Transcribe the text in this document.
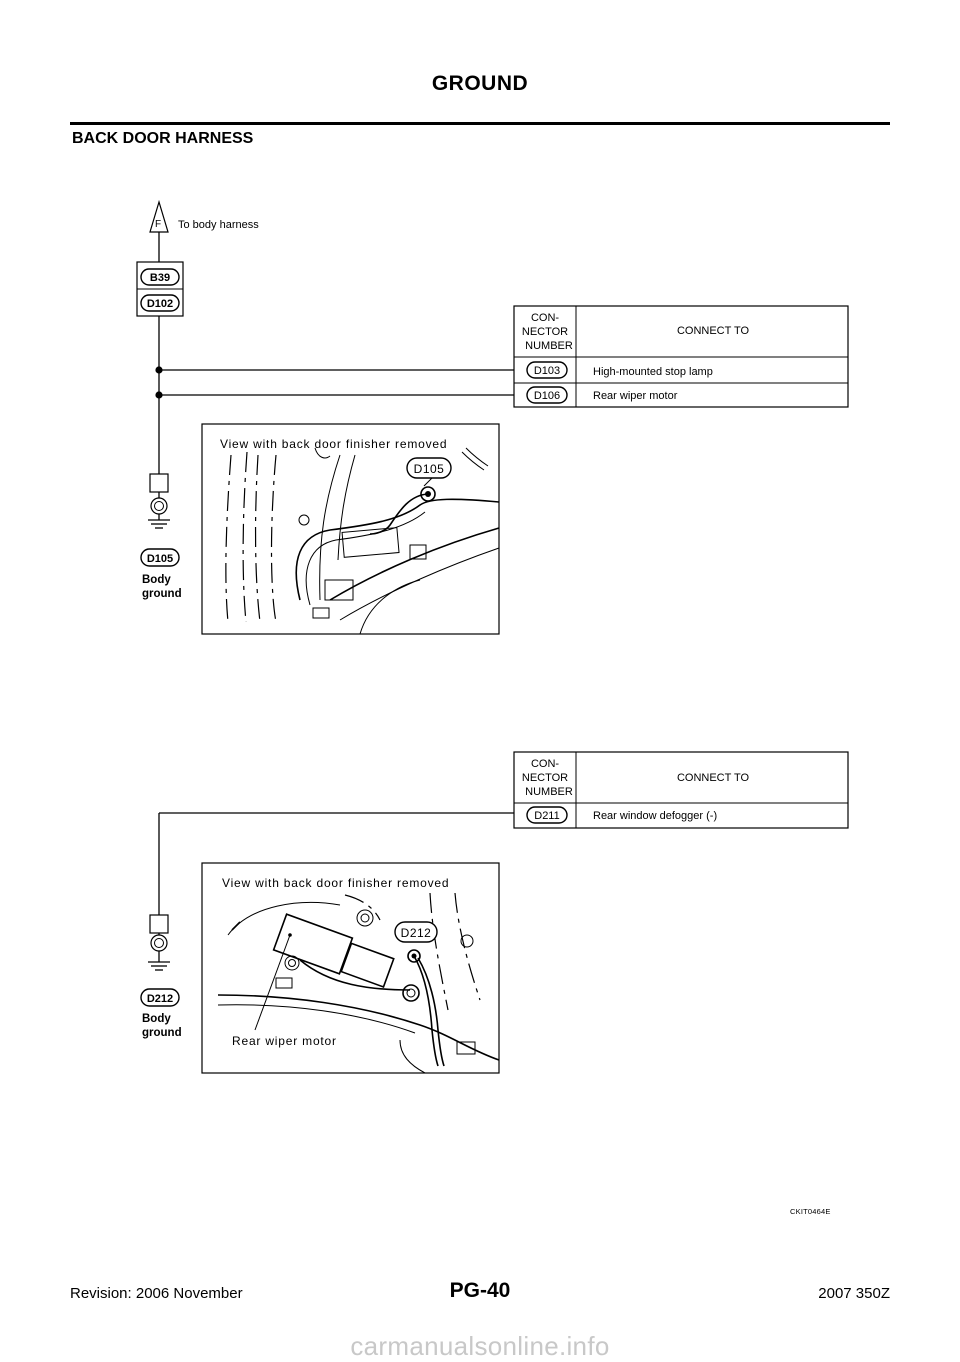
GROUND
BACK DOOR HARNESS
F To body harness
B39
D102
CON-
NECTOR
NUMBER
CONNECT TO
D103	High-mounted stop lamp
D106	Rear wiper motor
D105
Body
ground
View with back door finisher removed
D105
CON-
NECTOR
NUMBER
CONNECT TO
D211	Rear window defogger (-)
D212
Body
ground
View with back door finisher removed
Rear wiper motor
D212
CKIT0464E
Revision: 2006 November	PG-40	2007 350Z
carmanualsonline.info
